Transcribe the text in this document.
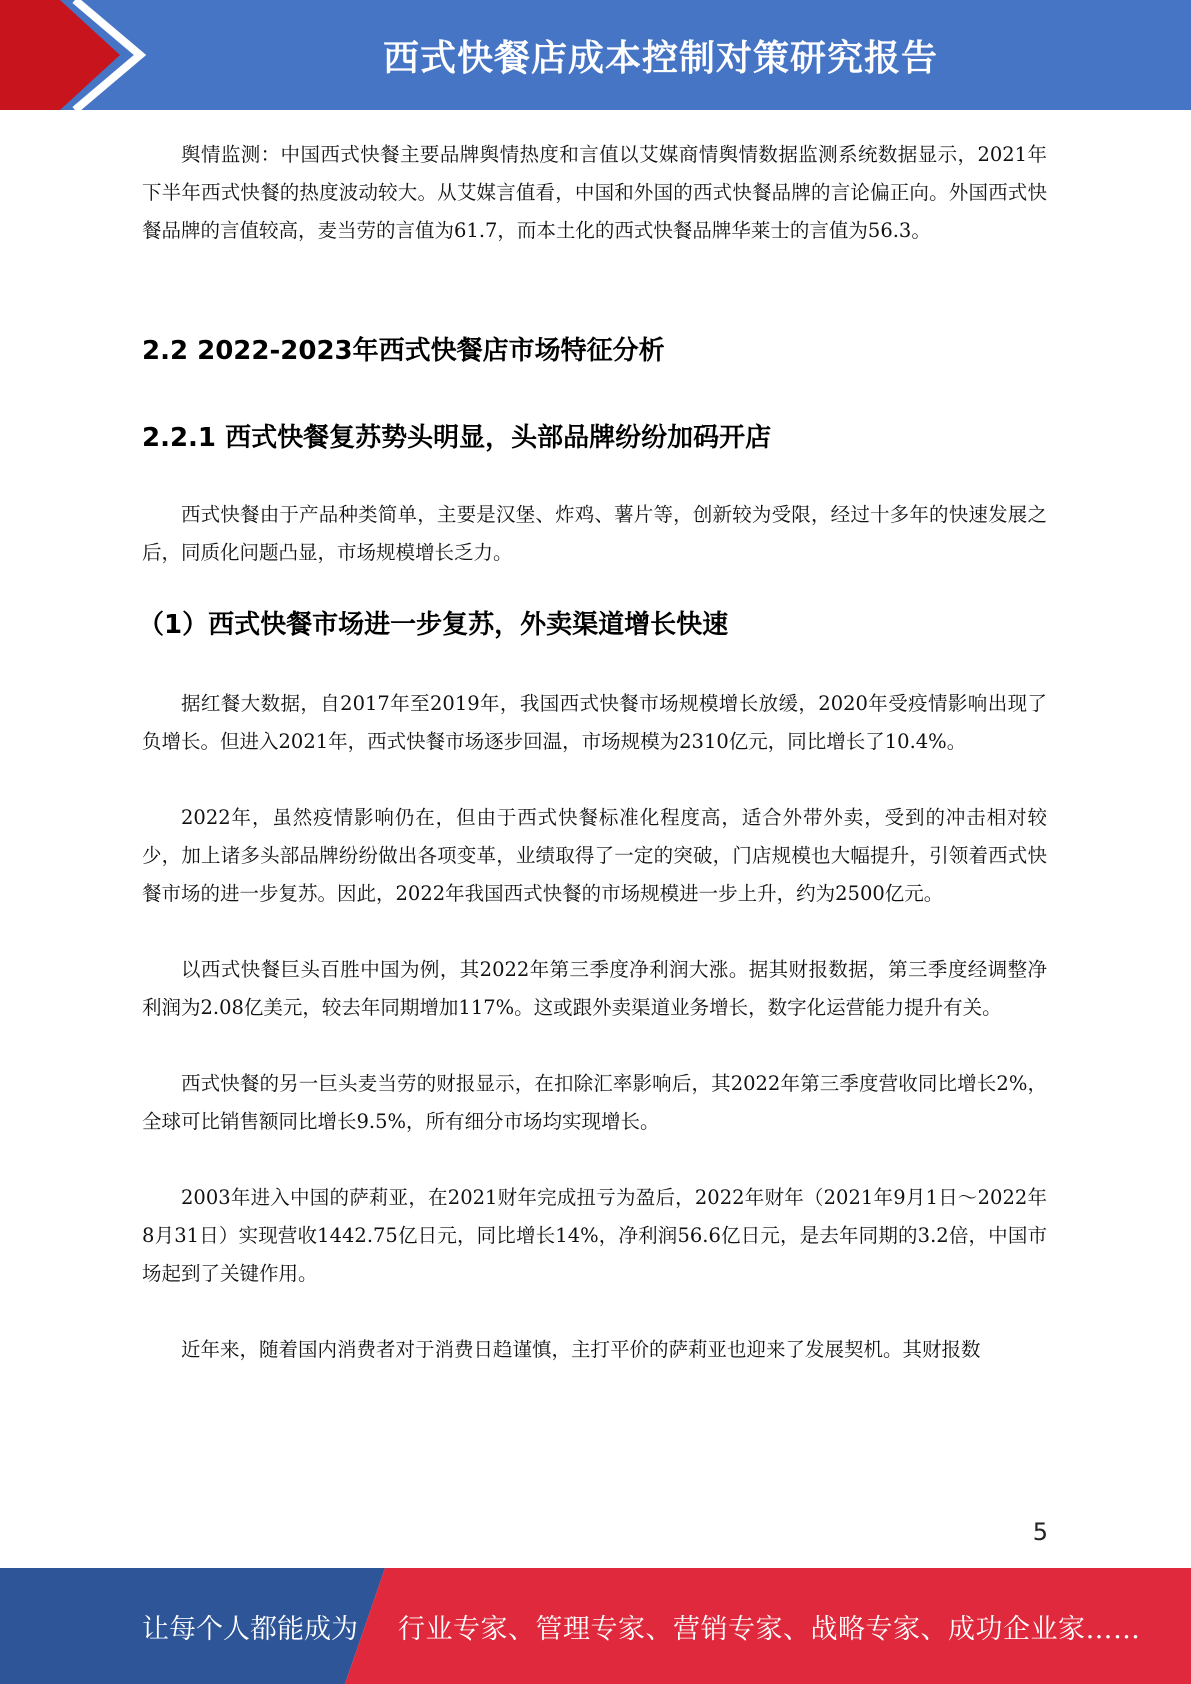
西式快餐店成本控制对策研究报告

舆情监测：中国西式快餐主要品牌舆情热度和言值以艾媒商情舆情数据监测系统数据显示，2021年下半年西式快餐的热度波动较大。从艾媒言值看，中国和外国的西式快餐品牌的言论偏正向。外国西式快餐品牌的言值较高，麦当劳的言值为61.7，而本土化的西式快餐品牌华莱士的言值为56.3。

2.2 2022-2023年西式快餐店市场特征分析
2.2.1 西式快餐复苏势头明显，头部品牌纷纷加码开店

西式快餐由于产品种类简单，主要是汉堡、炸鸡、薯片等，创新较为受限，经过十多年的快速发展之后，同质化问题凸显，市场规模增长乏力。

（1）西式快餐市场进一步复苏，外卖渠道增长快速

据红餐大数据，自2017年至2019年，我国西式快餐市场规模增长放缓，2020年受疫情影响出现了负增长。但进入2021年，西式快餐市场逐步回温，市场规模为2310亿元，同比增长了10.4%。

2022年，虽然疫情影响仍在，但由于西式快餐标准化程度高，适合外带外卖，受到的冲击相对较少，加上诸多头部品牌纷纷做出各项变革，业绩取得了一定的突破，门店规模也大幅提升，引领着西式快餐市场的进一步复苏。因此，2022年我国西式快餐的市场规模进一步上升，约为2500亿元。

以西式快餐巨头百胜中国为例，其2022年第三季度净利润大涨。据其财报数据，第三季度经调整净利润为2.08亿美元，较去年同期增加117%。这或跟外卖渠道业务增长，数字化运营能力提升有关。

西式快餐的另一巨头麦当劳的财报显示，在扣除汇率影响后，其2022年第三季度营收同比增长2%，全球可比销售额同比增长9.5%，所有细分市场均实现增长。

2003年进入中国的萨莉亚，在2021财年完成扭亏为盈后，2022年财年（2021年9月1日～2022年8月31日）实现营收1442.75亿日元，同比增长14%，净利润56.6亿日元，是去年同期的3.2倍，中国市场起到了关键作用。

近年来，随着国内消费者对于消费日趋谨慎，主打平价的萨莉亚也迎来了发展契机。其财报数

5
让每个人都能成为 行业专家、管理专家、营销专家、战略专家、成功企业家……
